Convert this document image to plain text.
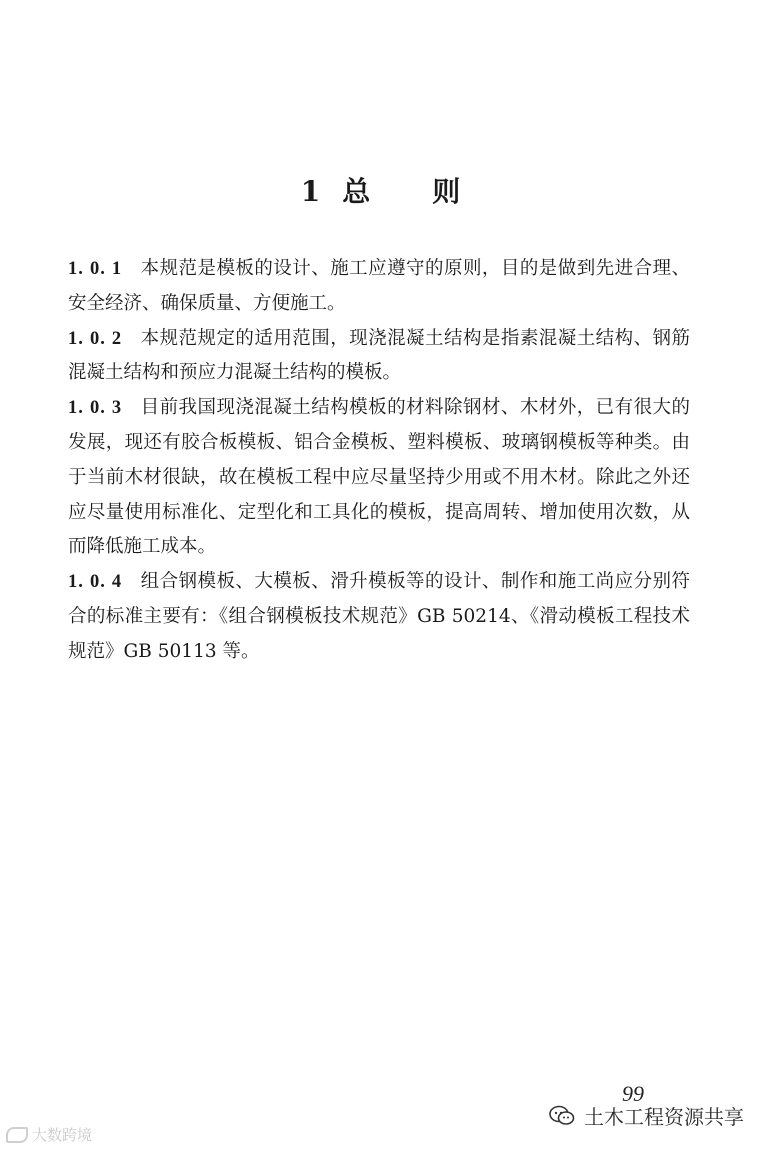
1 总 则

1. 0. 1 本规范是模板的设计、施工应遵守的原则，目的是做到先进合理、安全经济、确保质量、方便施工。

1. 0. 2 本规范规定的适用范围，现浇混凝土结构是指素混凝土结构、钢筋混凝土结构和预应力混凝土结构的模板。

1. 0. 3 目前我国现浇混凝土结构模板的材料除钢材、木材外，已有很大的发展，现还有胶合板模板、铝合金模板、塑料模板、玻璃钢模板等种类。由于当前木材很缺，故在模板工程中应尽量坚持少用或不用木材。除此之外还应尽量使用标准化、定型化和工具化的模板，提高周转、增加使用次数，从而降低施工成本。

1. 0. 4 组合钢模板、大模板、滑升模板等的设计、制作和施工尚应分别符合的标准主要有：《组合钢模板技术规范》GB 50214、《滑动模板工程技术规范》GB 50113 等。

99
土木工程资源共享
大数跨境
